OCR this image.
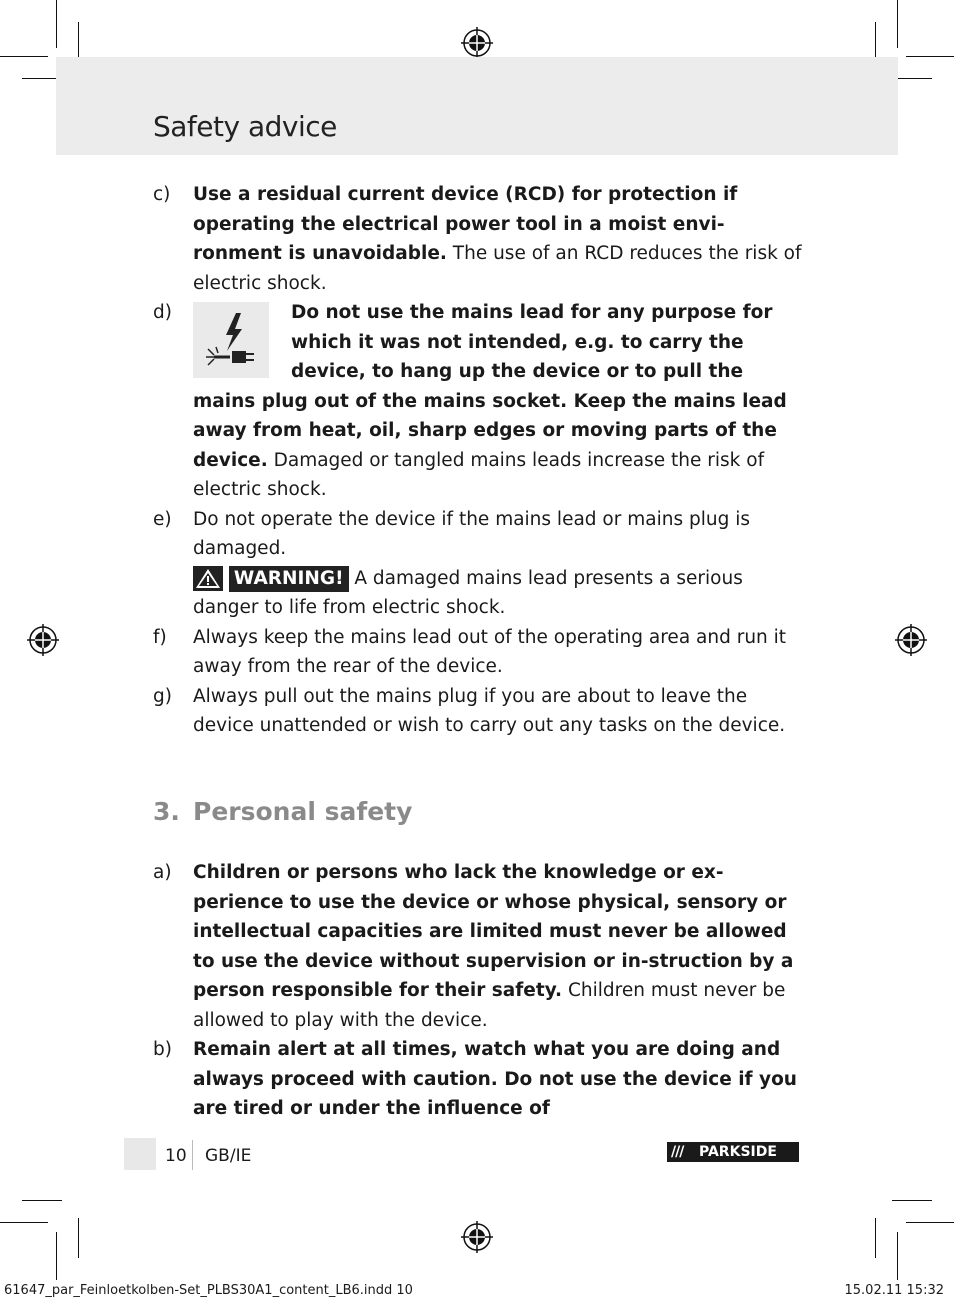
Safety advice
c) Use a residual current device (RCD) for protection if operating the electrical power tool in a moist envi-ronment is unavoidable. The use of an RCD reduces the risk of electric shock.
d)	Do not use the mains lead for any purpose for which it was not intended, e.g. to carry the device, to hang up the device or to pull the mains plug out of the mains socket. Keep the mains lead away from heat, oil, sharp edges or moving parts of the device. Damaged or tangled mains leads increase the risk of electric shock.
e) Do not operate the device if the mains lead or mains plug is damaged.
WARNING! A damaged mains lead presents a serious danger to life from electric shock.
f) Always keep the mains lead out of the operating area and run it away from the rear of the device.
g) Always pull out the mains plug if you are about to leave the device unattended or wish to carry out any tasks on the device.
3. Personal safety
a) Children or persons who lack the knowledge or ex-perience to use the device or whose physical, sensory or intellectual capacities are limited must never be allowed to use the device without supervision or in-struction by a person responsible for their safety. Children must never be allowed to play with the device.
b) Remain alert at all times, watch what you are doing and always proceed with caution. Do not use the device if you are tired or under the influence of
10 GB/IE	/// PARKSIDE
61647_par_Feinloetkolben-Set_PLBS30A1_content_LB6.indd 10	15.02.11 15:32
